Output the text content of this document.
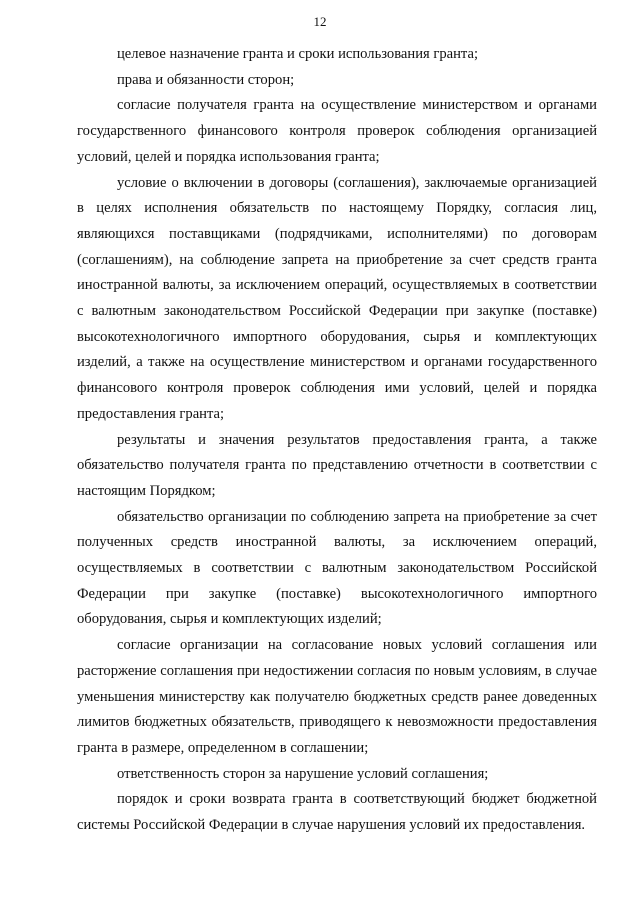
12

целевое назначение гранта и сроки использования гранта;

права и обязанности сторон;

согласие получателя гранта на осуществление министерством и органами государственного финансового контроля проверок соблюдения организацией условий, целей и порядка использования гранта;

условие о включении в договоры (соглашения), заключаемые организацией в целях исполнения обязательств по настоящему Порядку, согласия лиц, являющихся поставщиками (подрядчиками, исполнителями) по договорам (соглашениям), на соблюдение запрета на приобретение за счет средств гранта иностранной валюты, за исключением операций, осуществляемых в соответствии с валютным законодательством Российской Федерации при закупке (поставке) высокотехнологичного импортного оборудования, сырья и комплектующих изделий, а также на осуществление министерством и органами государственного финансового контроля проверок соблюдения ими условий, целей и порядка предоставления гранта;

результаты и значения результатов предоставления гранта, а также обязательство получателя гранта по представлению отчетности в соответствии с настоящим Порядком;

обязательство организации по соблюдению запрета на приобретение за счет полученных средств иностранной валюты, за исключением операций, осуществляемых в соответствии с валютным законодательством Российской Федерации при закупке (поставке) высокотехнологичного импортного оборудования, сырья и комплектующих изделий;

согласие организации на согласование новых условий соглашения или расторжение соглашения при недостижении согласия по новым условиям, в случае уменьшения министерству как получателю бюджетных средств ранее доведенных лимитов бюджетных обязательств, приводящего к невозможности предоставления гранта в размере, определенном в соглашении;

ответственность сторон за нарушение условий соглашения;

порядок и сроки возврата гранта в соответствующий бюджет бюджетной системы Российской Федерации в случае нарушения условий их предоставления.
